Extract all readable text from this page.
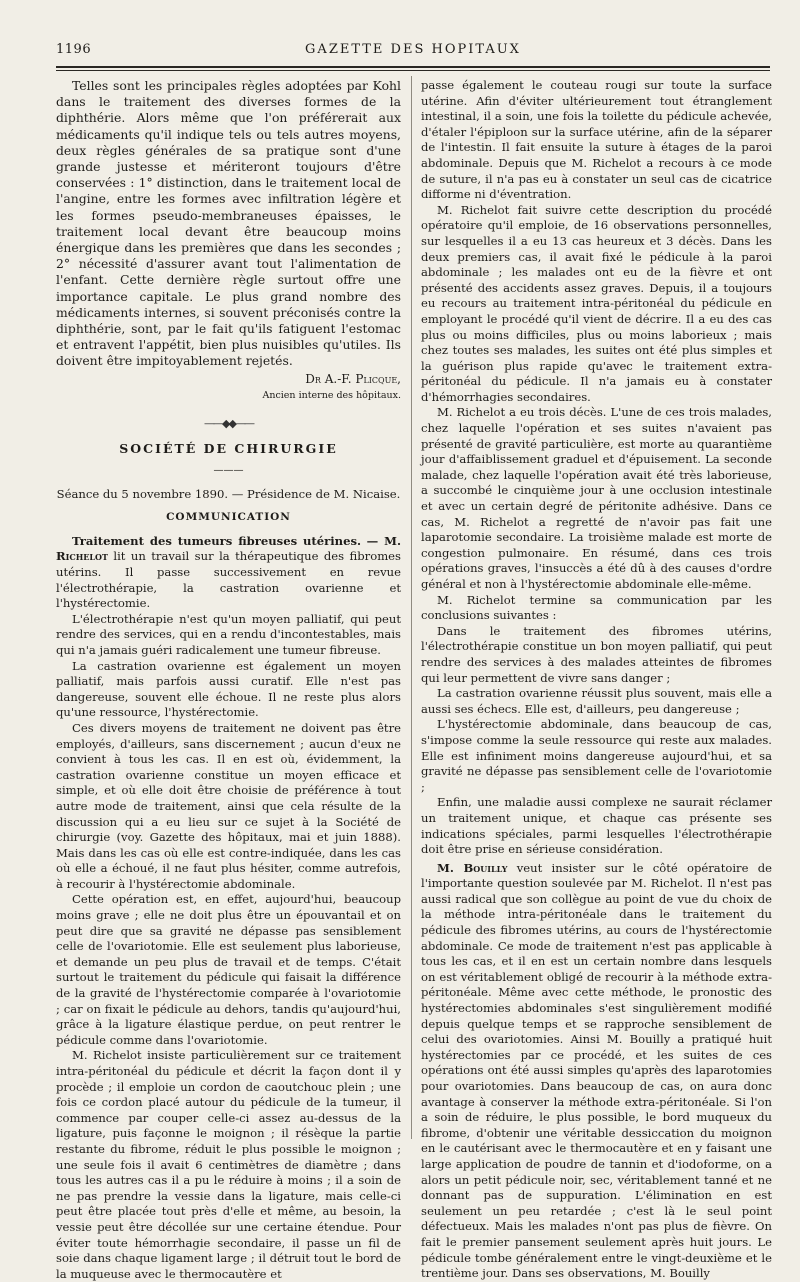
1196	GAZETTE DES HOPITAUX

Telles sont les principales règles adoptées par Kohl dans le traitement des diverses formes de la diphthérie. Alors même que l'on préférerait aux médicaments qu'il indique tels ou tels autres moyens, deux règles générales de sa pratique sont d'une grande justesse et mériteront toujours d'être conservées : 1° distinction, dans le traitement local de l'angine, entre les formes avec infiltration légère et les formes pseudo-membraneuses épaisses, le traitement local devant être beaucoup moins énergique dans les premières que dans les secondes ; 2° nécessité d'assurer avant tout l'alimentation de l'enfant. Cette dernière règle surtout offre une importance capitale. Le plus grand nombre des médicaments internes, si souvent préconisés contre la diphthérie, sont, par le fait qu'ils fatiguent l'estomac et entravent l'appétit, bien plus nuisibles qu'utiles. Ils doivent être impitoyablement rejetés.

Dr A.-F. Plicque,
Ancien interne des hôpitaux.
——◆◆——
SOCIÉTÉ DE CHIRURGIE
———
Séance du 5 novembre 1890. — Présidence de M. Nicaise.
COMMUNICATION

Traitement des tumeurs fibreuses utérines. — M. Richelot lit un travail sur la thérapeutique des fibromes utérins. Il passe successivement en revue l'électrothérapie, la castration ovarienne et l'hystérectomie.

L'électrothérapie n'est qu'un moyen palliatif, qui peut rendre des services, qui en a rendu d'incontestables, mais qui n'a jamais guéri radicalement une tumeur fibreuse.

La castration ovarienne est également un moyen palliatif, mais parfois aussi curatif. Elle n'est pas dangereuse, souvent elle échoue. Il ne reste plus alors qu'une ressource, l'hystérectomie.

Ces divers moyens de traitement ne doivent pas être employés, d'ailleurs, sans discernement ; aucun d'eux ne convient à tous les cas. Il en est où, évidemment, la castration ovarienne constitue un moyen efficace et simple, et où elle doit être choisie de préférence à tout autre mode de traitement, ainsi que cela résulte de la discussion qui a eu lieu sur ce sujet à la Société de chirurgie (voy. Gazette des hôpitaux, mai et juin 1888). Mais dans les cas où elle est contre-indiquée, dans les cas où elle a échoué, il ne faut plus hésiter, comme autrefois, à recourir à l'hystérectomie abdominale.

Cette opération est, en effet, aujourd'hui, beaucoup moins grave ; elle ne doit plus être un épouvantail et on peut dire que sa gravité ne dépasse pas sensiblement celle de l'ovariotomie. Elle est seulement plus laborieuse, et demande un peu plus de travail et de temps. C'était surtout le traitement du pédicule qui faisait la différence de la gravité de l'hystérectomie comparée à l'ovariotomie ; car on fixait le pédicule au dehors, tandis qu'aujourd'hui, grâce à la ligature élastique perdue, on peut rentrer le pédicule comme dans l'ovariotomie.

M. Richelot insiste particulièrement sur ce traitement intra-péritonéal du pédicule et décrit la façon dont il y procède ; il emploie un cordon de caoutchouc plein ; une fois ce cordon placé autour du pédicule de la tumeur, il commence par couper celle-ci assez au-dessus de la ligature, puis façonne le moignon ; il résèque la partie restante du fibrome, réduit le plus possible le moignon ; une seule fois il avait 6 centimètres de diamètre ; dans tous les autres cas il a pu le réduire à moins ; il a soin de ne pas prendre la vessie dans la ligature, mais celle-ci peut être placée tout près d'elle et même, au besoin, la vessie peut être décollée sur une certaine étendue. Pour éviter toute hémorrhagie secondaire, il passe un fil de soie dans chaque ligament large ; il détruit tout le bord de la muqueuse avec le thermocautère et

passe également le couteau rougi sur toute la surface utérine. Afin d'éviter ultérieurement tout étranglement intestinal, il a soin, une fois la toilette du pédicule achevée, d'étaler l'épiploon sur la surface utérine, afin de la séparer de l'intestin. Il fait ensuite la suture à étages de la paroi abdominale. Depuis que M. Richelot a recours à ce mode de suture, il n'a pas eu à constater un seul cas de cicatrice difforme ni d'éventration.

M. Richelot fait suivre cette description du procédé opératoire qu'il emploie, de 16 observations personnelles, sur lesquelles il a eu 13 cas heureux et 3 décès. Dans les deux premiers cas, il avait fixé le pédicule à la paroi abdominale ; les malades ont eu de la fièvre et ont présenté des accidents assez graves. Depuis, il a toujours eu recours au traitement intra-péritonéal du pédicule en employant le procédé qu'il vient de décrire. Il a eu des cas plus ou moins difficiles, plus ou moins laborieux ; mais chez toutes ses malades, les suites ont été plus simples et la guérison plus rapide qu'avec le traitement extra-péritonéal du pédicule. Il n'a jamais eu à constater d'hémorrhagies secondaires.

M. Richelot a eu trois décès. L'une de ces trois malades, chez laquelle l'opération et ses suites n'avaient pas présenté de gravité particulière, est morte au quarantième jour d'affaiblissement graduel et d'épuisement. La seconde malade, chez laquelle l'opération avait été très laborieuse, a succombé le cinquième jour à une occlusion intestinale et avec un certain degré de péritonite adhésive. Dans ce cas, M. Richelot a regretté de n'avoir pas fait une laparotomie secondaire. La troisième malade est morte de congestion pulmonaire. En résumé, dans ces trois opérations graves, l'insuccès a été dû à des causes d'ordre général et non à l'hystérectomie abdominale elle-même.

M. Richelot termine sa communication par les conclusions suivantes :

Dans le traitement des fibromes utérins, l'électrothérapie constitue un bon moyen palliatif, qui peut rendre des services à des malades atteintes de fibromes qui leur permettent de vivre sans danger ;

La castration ovarienne réussit plus souvent, mais elle a aussi ses échecs. Elle est, d'ailleurs, peu dangereuse ;

L'hystérectomie abdominale, dans beaucoup de cas, s'impose comme la seule ressource qui reste aux malades. Elle est infiniment moins dangereuse aujourd'hui, et sa gravité ne dépasse pas sensiblement celle de l'ovariotomie ;

Enfin, une maladie aussi complexe ne saurait réclamer un traitement unique, et chaque cas présente ses indications spéciales, parmi lesquelles l'électrothérapie doit être prise en sérieuse considération.

M. Bouilly veut insister sur le côté opératoire de l'importante question soulevée par M. Richelot. Il n'est pas aussi radical que son collègue au point de vue du choix de la méthode intra-péritonéale dans le traitement du pédicule des fibromes utérins, au cours de l'hystérectomie abdominale. Ce mode de traitement n'est pas applicable à tous les cas, et il en est un certain nombre dans lesquels on est véritablement obligé de recourir à la méthode extra-péritonéale. Même avec cette méthode, le pronostic des hystérectomies abdominales s'est singulièrement modifié depuis quelque temps et se rapproche sensiblement de celui des ovariotomies. Ainsi M. Bouilly a pratiqué huit hystérectomies par ce procédé, et les suites de ces opérations ont été aussi simples qu'après des laparotomies pour ovariotomies. Dans beaucoup de cas, on aura donc avantage à conserver la méthode extra-péritonéale. Si l'on a soin de réduire, le plus possible, le bord muqueux du fibrome, d'obtenir une véritable dessiccation du moignon en le cautérisant avec le thermocautère et en y faisant une large application de poudre de tannin et d'iodoforme, on a alors un petit pédicule noir, sec, véritablement tanné et ne donnant pas de suppuration. L'élimination en est seulement un peu retardée ; c'est là le seul point défectueux. Mais les malades n'ont pas plus de fièvre. On fait le premier pansement seulement après huit jours. Le pédicule tombe généralement entre le vingt-deuxième et le trentième jour. Dans ses observations, M. Bouilly
